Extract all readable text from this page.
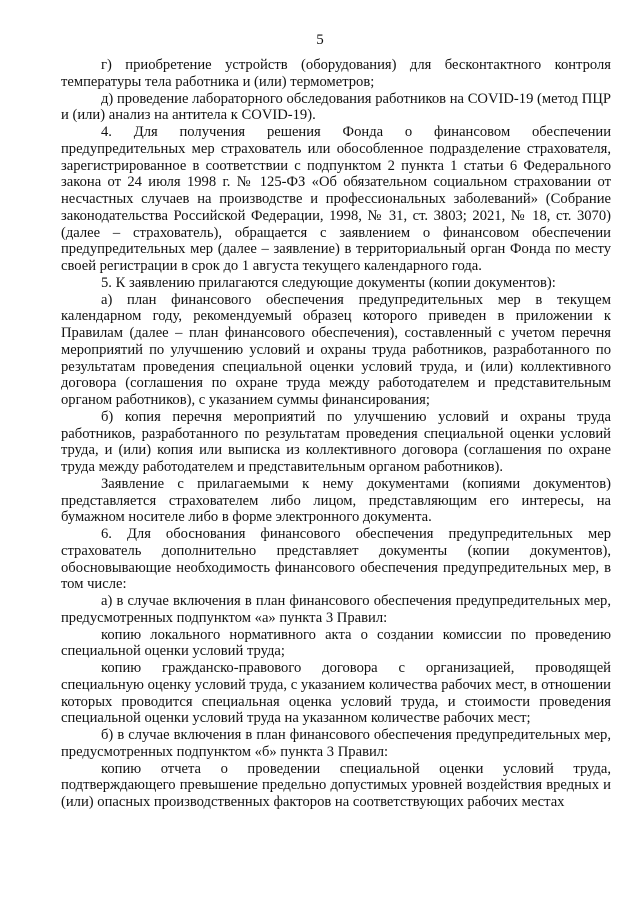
5

г) приобретение устройств (оборудования) для бесконтактного контроля температуры тела работника и (или) термометров;

д) проведение лабораторного обследования работников на COVID-19 (метод ПЦР и (или) анализ на антитела к COVID-19).

4. Для получения решения Фонда о финансовом обеспечении предупредительных мер страхователь или обособленное подразделение страхователя, зарегистрированное в соответствии с подпунктом 2 пункта 1 статьи 6 Федерального закона от 24 июля 1998 г. № 125-ФЗ «Об обязательном социальном страховании от несчастных случаев на производстве и профессиональных заболеваний» (Собрание законодательства Российской Федерации, 1998, № 31, ст. 3803; 2021, № 18, ст. 3070) (далее – страхователь), обращается с заявлением о финансовом обеспечении предупредительных мер (далее – заявление) в территориальный орган Фонда по месту своей регистрации в срок до 1 августа текущего календарного года.

5. К заявлению прилагаются следующие документы (копии документов):

а) план финансового обеспечения предупредительных мер в текущем календарном году, рекомендуемый образец которого приведен в приложении к Правилам (далее – план финансового обеспечения), составленный с учетом перечня мероприятий по улучшению условий и охраны труда работников, разработанного по результатам проведения специальной оценки условий труда, и (или) коллективного договора (соглашения по охране труда между работодателем и представительным органом работников), с указанием суммы финансирования;

б) копия перечня мероприятий по улучшению условий и охраны труда работников, разработанного по результатам проведения специальной оценки условий труда, и (или) копия или выписка из коллективного договора (соглашения по охране труда между работодателем и представительным органом работников).

Заявление с прилагаемыми к нему документами (копиями документов) представляется страхователем либо лицом, представляющим его интересы, на бумажном носителе либо в форме электронного документа.

6. Для обоснования финансового обеспечения предупредительных мер страхователь дополнительно представляет документы (копии документов), обосновывающие необходимость финансового обеспечения предупредительных мер, в том числе:

а) в случае включения в план финансового обеспечения предупредительных мер, предусмотренных подпунктом «а» пункта 3 Правил:

копию локального нормативного акта о создании комиссии по проведению специальной оценки условий труда;

копию гражданско-правового договора с организацией, проводящей специальную оценку условий труда, с указанием количества рабочих мест, в отношении которых проводится специальная оценка условий труда, и стоимости проведения специальной оценки условий труда на указанном количестве рабочих мест;

б) в случае включения в план финансового обеспечения предупредительных мер, предусмотренных подпунктом «б» пункта 3 Правил:

копию отчета о проведении специальной оценки условий труда, подтверждающего превышение предельно допустимых уровней воздействия вредных и (или) опасных производственных факторов на соответствующих рабочих местах
